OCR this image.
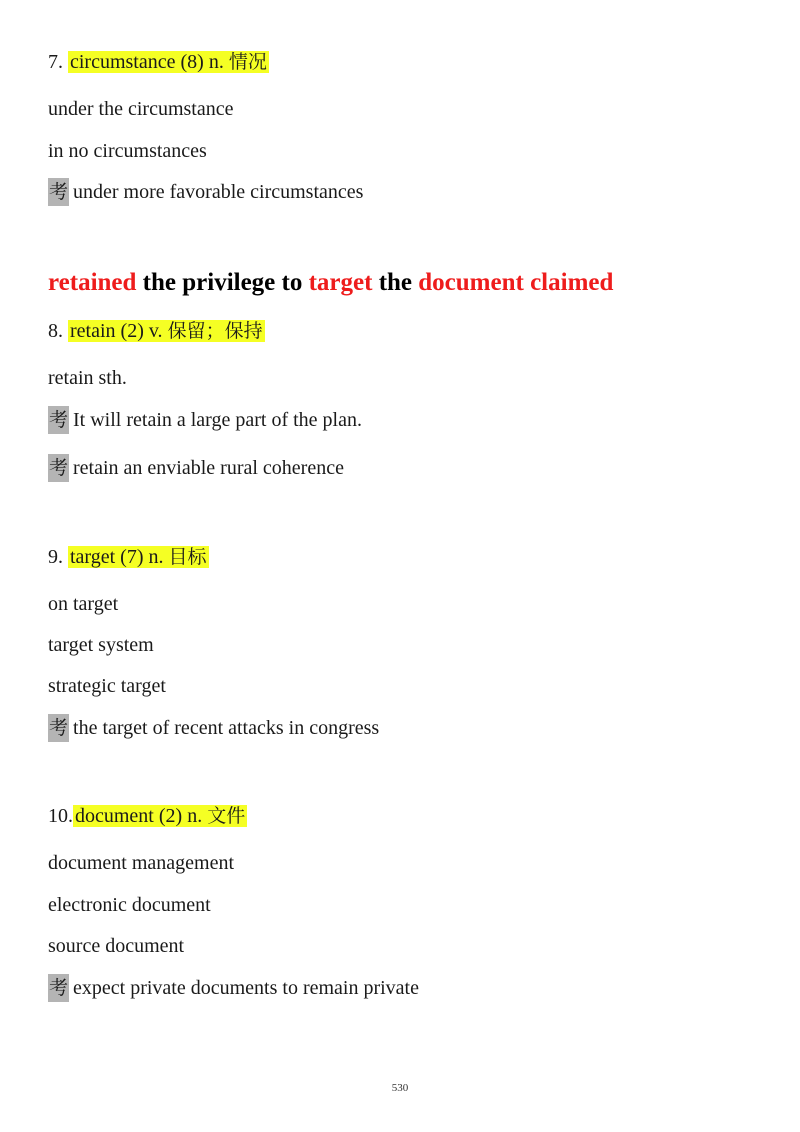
7. circumstance (8) n. 情况
under the circumstance
in no circumstances
考 under more favorable circumstances
retained the privilege to target the document claimed
8. retain (2) v. 保留；保持
retain sth.
考 It will retain a large part of the plan.
考 retain an enviable rural coherence
9. target (7) n. 目标
on target
target system
strategic target
考 the target of recent attacks in congress
10. document (2) n. 文件
document management
electronic document
source document
考 expect private documents to remain private
530
